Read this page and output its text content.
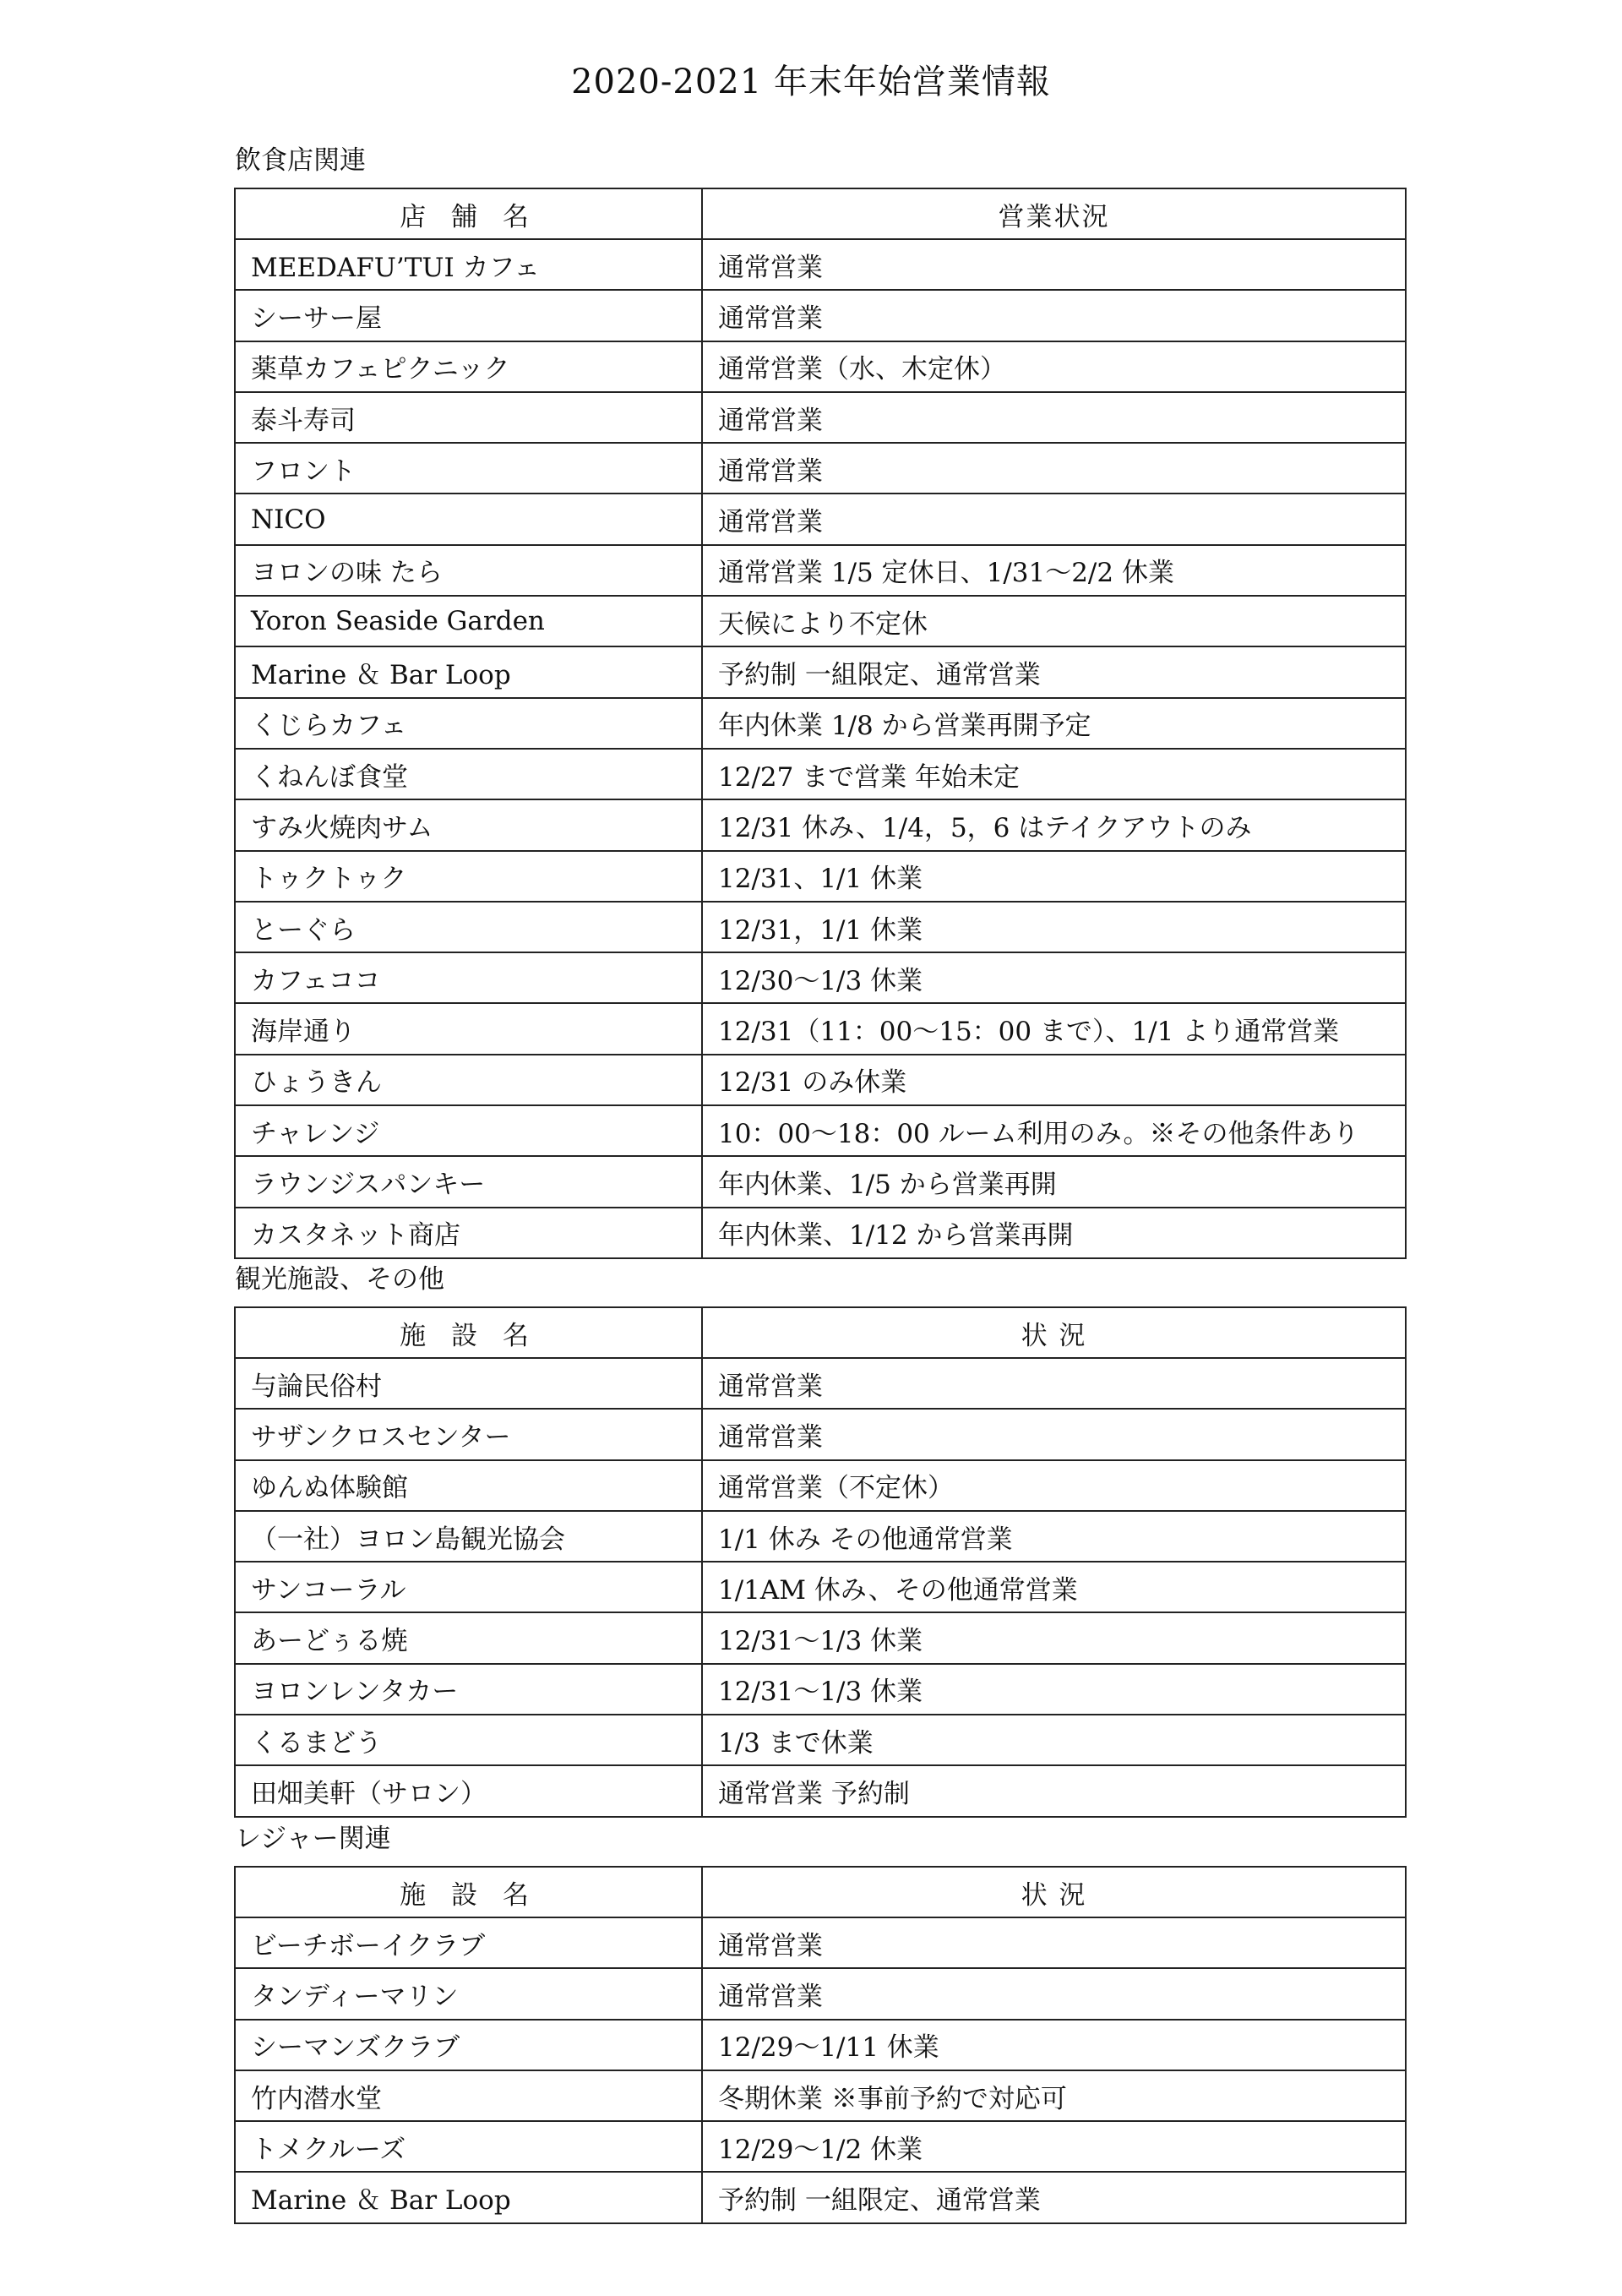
2020-2021 年末年始営業情報
飲食店関連
店 舗 名	営業状況
MEEDAFU’TUI カフェ	通常営業
シーサー屋	通常営業
薬草カフェピクニック	通常営業（水、木定休）
泰斗寿司	通常営業
フロント	通常営業
NICO	通常営業
ヨロンの味 たら	通常営業 1/5 定休日、1/31～2/2 休業
Yoron Seaside Garden	天候により不定休
Marine ＆ Bar Loop	予約制 一組限定、通常営業
くじらカフェ	年内休業 1/8 から営業再開予定
くねんぼ食堂	12/27 まで営業 年始未定
すみ火焼肉サム	12/31 休み、1/4，5，6 はテイクアウトのみ
トゥクトゥク	12/31、1/1 休業
とーぐら	12/31，1/1 休業
カフェココ	12/30～1/3 休業
海岸通り	12/31（11：00～15：00 まで）、1/1 より通常営業
ひょうきん	12/31 のみ休業
チャレンジ	10：00～18：00 ルーム利用のみ。※その他条件あり
ラウンジスパンキー	年内休業、1/5 から営業再開
カスタネット商店	年内休業、1/12 から営業再開
観光施設、その他
施 設 名	状 況
与論民俗村	通常営業
サザンクロスセンター	通常営業
ゆんぬ体験館	通常営業（不定休）
（一社）ヨロン島観光協会	1/1 休み その他通常営業
サンコーラル	1/1AM 休み、その他通常営業
あーどぅる焼	12/31～1/3 休業
ヨロンレンタカー	12/31～1/3 休業
くるまどう	1/3 まで休業
田畑美軒（サロン）	通常営業 予約制
レジャー関連
施 設 名	状 況
ビーチボーイクラブ	通常営業
タンディーマリン	通常営業
シーマンズクラブ	12/29～1/11 休業
竹内潜水堂	冬期休業 ※事前予約で対応可
トメクルーズ	12/29～1/2 休業
Marine ＆ Bar Loop	予約制 一組限定、通常営業
